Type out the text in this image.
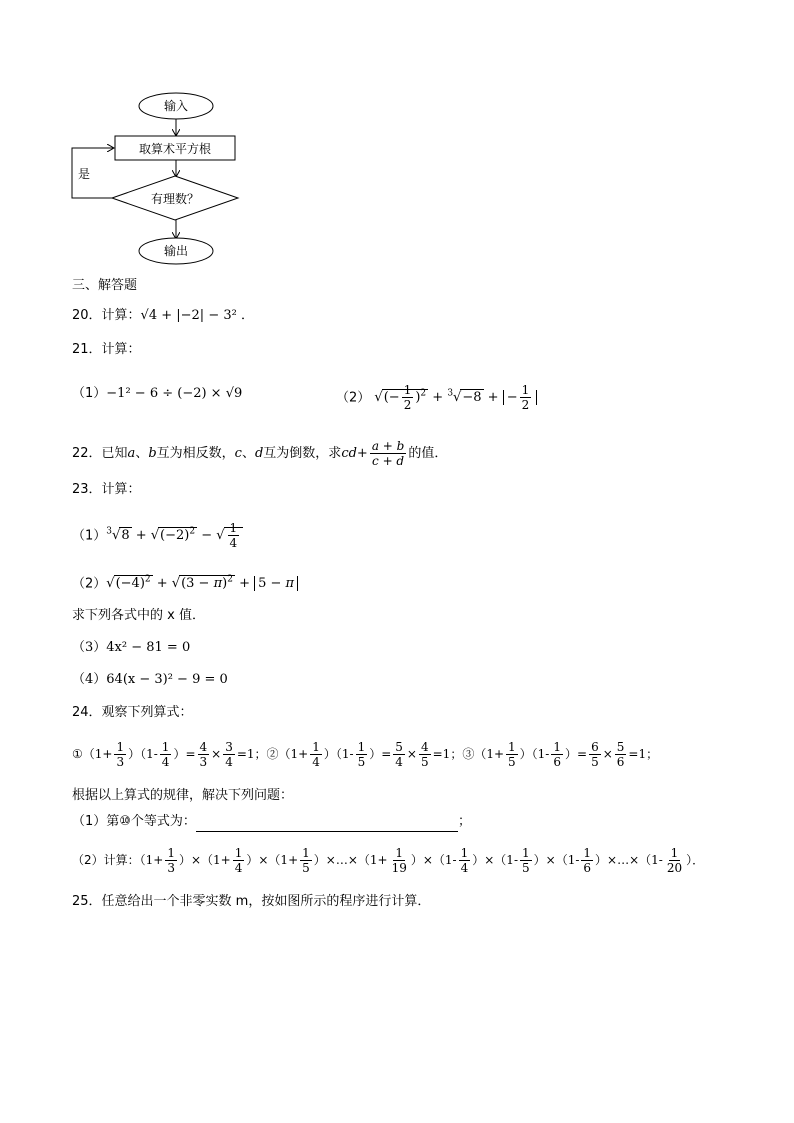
输入
取算术平方根
有理数？
是
输出
三、解答题
20．计算：√4 + |−2| − 3² ．
21．计算：
（1）−1² − 6 ÷ (−2) × √9	（2） √(− $\frac{1}{2} )^2 + ^3√-8$ + − $\frac{1}{2}$
22．已知a、b互为相反数，c、d互为倒数，求$cd+ \frac{a + b}{c + d}$ 的值．
23．计算：
$(1)^3√8 + √(-2)^2$ − √ $\frac{1}{4}$
$(2)√(-4)^2 + √(3 - \pi)^2 + 5 - \pi$
求下列各式中的 x 值．
（3）4x² − 81 = 0
（4）64(x − 3)² − 9 = 0
24．观察下列算式：
①（1+ $\frac{1}{3} )(1- \frac{1}{4}$ ）= $\frac{4}{3} \times \frac{3}{4} =1$；②（1+ $\frac{1}{4} )(1- \frac{1}{5}$ ）= $\frac{5}{4} \times \frac{4}{5} =1$；③（1+ $\frac{1}{5} )(1- \frac{1}{6}$ ）= $\frac{6}{5} \times \frac{5}{6} =1$；
根据以上算式的规律，解决下列问题：
（1）第⑩个等式为：	；
（2）计算：$(1+ \frac{1}{3} )\times(1+ \frac{1}{4} )\times(1+ \frac{1}{5}$ ）×…×（1+ $\frac{1}{19} )\times(1- \frac{1}{4} )\times(1- \frac{1}{5} )\times(1- \frac{1}{6}$ ）×…×（1- $\frac{1}{20}$ ）．
25．任意给出一个非零实数 m，按如图所示的程序进行计算．
